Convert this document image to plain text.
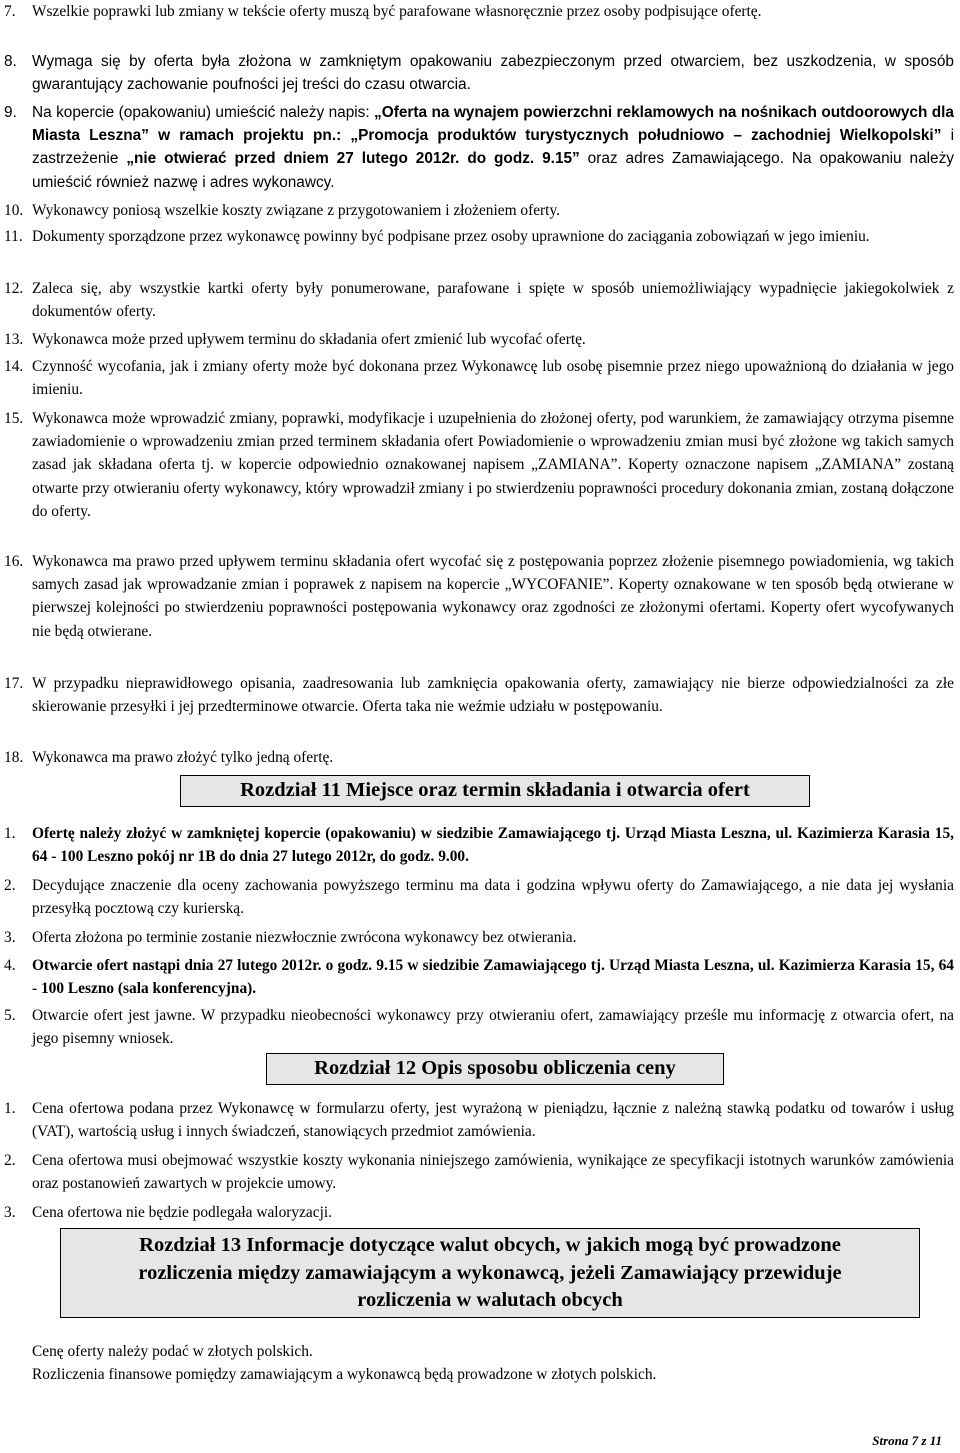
7. Wszelkie poprawki lub zmiany w tekście oferty muszą być parafowane własnoręcznie przez osoby podpisujące ofertę.
8. Wymaga się by oferta była złożona w zamkniętym opakowaniu zabezpieczonym przed otwarciem, bez uszkodzenia, w sposób gwarantujący zachowanie poufności jej treści do czasu otwarcia.
9. Na kopercie (opakowaniu) umieścić należy napis: „Oferta na wynajem powierzchni reklamowych na nośnikach outdoorowych dla Miasta Leszna” w ramach projektu pn.: „Promocja produktów turystycznych południowo – zachodniej Wielkopolski” i zastrzeżenie „nie otwierać przed dniem 27 lutego 2012r. do godz. 9.15” oraz adres Zamawiającego. Na opakowaniu należy umieścić również nazwę i adres wykonawcy.
10. Wykonawcy poniosą wszelkie koszty związane z przygotowaniem i złożeniem oferty.
11. Dokumenty sporządzone przez wykonawcę powinny być podpisane przez osoby uprawnione do zaciągania zobowiązań w jego imieniu.
12. Zaleca się, aby wszystkie kartki oferty były ponumerowane, parafowane i spięte w sposób uniemożliwiający wypadnięcie jakiegokolwiek z dokumentów oferty.
13. Wykonawca może przed upływem terminu do składania ofert zmienić lub wycofać ofertę.
14. Czynność wycofania, jak i zmiany oferty może być dokonana przez Wykonawcę lub osobę pisemnie przez niego upoważnioną do działania w jego imieniu.
15. Wykonawca może wprowadzić zmiany, poprawki, modyfikacje i uzupełnienia do złożonej oferty, pod warunkiem, że zamawiający otrzyma pisemne zawiadomienie o wprowadzeniu zmian przed terminem składania ofert Powiadomienie o wprowadzeniu zmian musi być złożone wg takich samych zasad jak składana oferta tj. w kopercie odpowiednio oznakowanej napisem „ZAMIANA”. Koperty oznaczone napisem „ZAMIANA” zostaną otwarte przy otwieraniu oferty wykonawcy, który wprowadził zmiany i po stwierdzeniu poprawności procedury dokonania zmian, zostaną dołączone do oferty.
16. Wykonawca ma prawo przed upływem terminu składania ofert wycofać się z postępowania poprzez złożenie pisemnego powiadomienia, wg takich samych zasad jak wprowadzanie zmian i poprawek z napisem na kopercie „WYCOFANIE”. Koperty oznakowane w ten sposób będą otwierane w pierwszej kolejności po stwierdzeniu poprawności postępowania wykonawcy oraz zgodności ze złożonymi ofertami. Koperty ofert wycofywanych nie będą otwierane.
17. W przypadku nieprawidłowego opisania, zaadresowania lub zamknięcia opakowania oferty, zamawiający nie bierze odpowiedzialności za złe skierowanie przesyłki i jej przedterminowe otwarcie. Oferta taka nie weźmie udziału w postępowaniu.
18. Wykonawca ma prawo złożyć tylko jedną ofertę.
Rozdział 11 Miejsce oraz termin składania i otwarcia ofert
1. Ofertę należy złożyć w zamkniętej kopercie (opakowaniu) w siedzibie Zamawiającego tj. Urząd Miasta Leszna, ul. Kazimierza Karasia 15, 64 - 100 Leszno pokój nr 1B do dnia 27 lutego 2012r, do godz. 9.00.
2. Decydujące znaczenie dla oceny zachowania powyższego terminu ma data i godzina wpływu oferty do Zamawiającego, a nie data jej wysłania przesyłką pocztową czy kurierską.
3. Oferta złożona po terminie zostanie niezwłocznie zwrócona wykonawcy bez otwierania.
4. Otwarcie ofert nastąpi dnia 27 lutego 2012r. o godz. 9.15 w siedzibie Zamawiającego tj. Urząd Miasta Leszna, ul. Kazimierza Karasia 15, 64 - 100 Leszno (sala konferencyjna).
5. Otwarcie ofert jest jawne. W przypadku nieobecności wykonawcy przy otwieraniu ofert, zamawiający prześle mu informację z otwarcia ofert, na jego pisemny wniosek.
Rozdział 12 Opis sposobu obliczenia ceny
1. Cena ofertowa podana przez Wykonawcę w formularzu oferty, jest wyrażoną w pieniądzu, łącznie z należną stawką podatku od towarów i usług (VAT), wartością usług i innych świadczeń, stanowiących przedmiot zamówienia.
2. Cena ofertowa musi obejmować wszystkie koszty wykonania niniejszego zamówienia, wynikające ze specyfikacji istotnych warunków zamówienia oraz postanowień zawartych w projekcie umowy.
3. Cena ofertowa nie będzie podlegała waloryzacji.
Rozdział 13 Informacje dotyczące walut obcych, w jakich mogą być prowadzone
rozliczenia między zamawiającym a wykonawcą, jeżeli Zamawiający przewiduje
rozliczenia w walutach obcych
Cenę oferty należy podać w złotych polskich.
Rozliczenia finansowe pomiędzy zamawiającym a wykonawcą będą prowadzone w złotych polskich.
Strona 7 z 11
